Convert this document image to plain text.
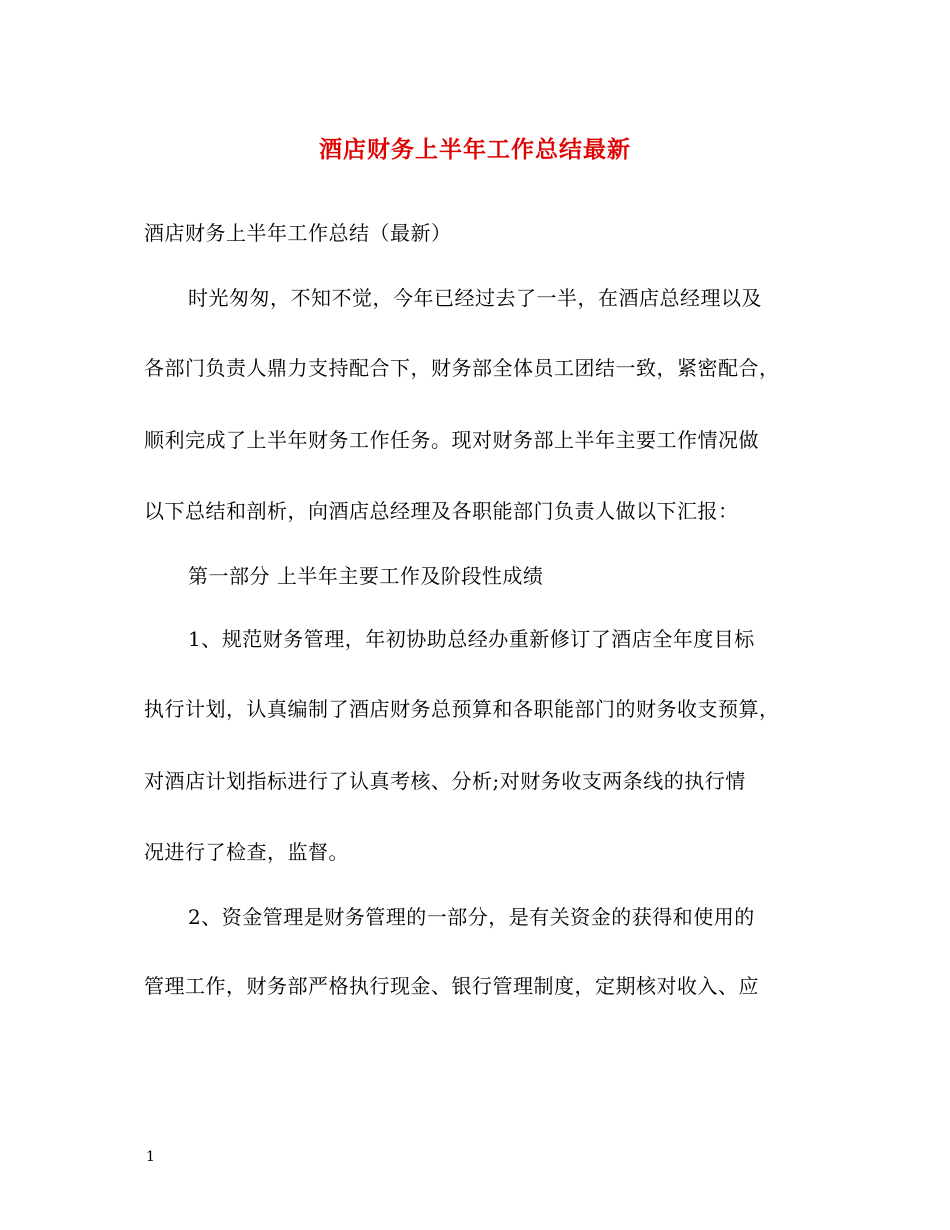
酒店财务上半年工作总结最新
酒店财务上半年工作总结（最新）
时光匆匆，不知不觉，今年已经过去了一半，在酒店总经理以及
各部门负责人鼎力支持配合下，财务部全体员工团结一致，紧密配合，
顺利完成了上半年财务工作任务。现对财务部上半年主要工作情况做
以下总结和剖析，向酒店总经理及各职能部门负责人做以下汇报：
第一部分 上半年主要工作及阶段性成绩
1、规范财务管理，年初协助总经办重新修订了酒店全年度目标
执行计划，认真编制了酒店财务总预算和各职能部门的财务收支预算，
对酒店计划指标进行了认真考核、分析;对财务收支两条线的执行情
况进行了检查，监督。
2、资金管理是财务管理的一部分，是有关资金的获得和使用的
管理工作，财务部严格执行现金、银行管理制度，定期核对收入、应
1
